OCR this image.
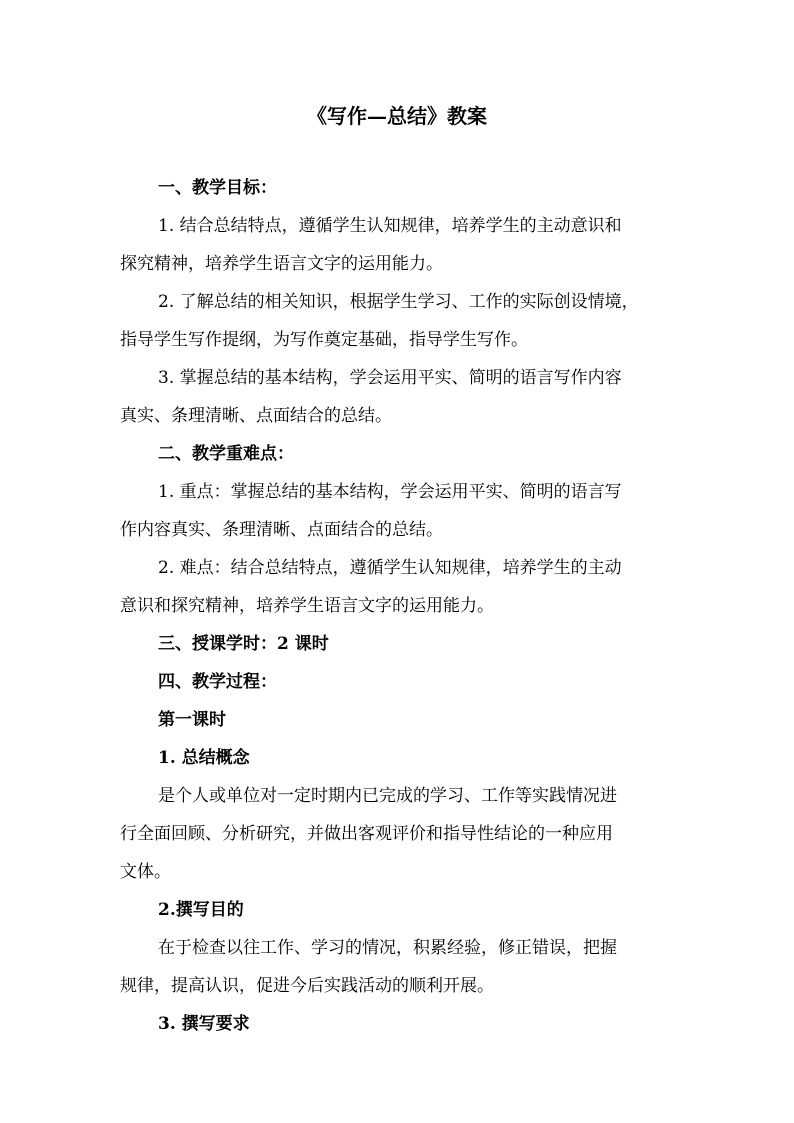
《写作—总结》教案
一、教学目标：
1. 结合总结特点，遵循学生认知规律，培养学生的主动意识和
探究精神，培养学生语言文字的运用能力。
2. 了解总结的相关知识，根据学生学习、工作的实际创设情境，
指导学生写作提纲，为写作奠定基础，指导学生写作。
3. 掌握总结的基本结构，学会运用平实、简明的语言写作内容
真实、条理清晰、点面结合的总结。
二、教学重难点：
1. 重点：掌握总结的基本结构，学会运用平实、简明的语言写
作内容真实、条理清晰、点面结合的总结。
2. 难点：结合总结特点，遵循学生认知规律，培养学生的主动
意识和探究精神，培养学生语言文字的运用能力。
三、授课学时：2 课时
四、教学过程：
第一课时
1. 总结概念
是个人或单位对一定时期内已完成的学习、工作等实践情况进
行全面回顾、分析研究，并做出客观评价和指导性结论的一种应用
文体。
2.撰写目的
在于检查以往工作、学习的情况，积累经验，修正错误，把握
规律，提高认识，促进今后实践活动的顺利开展。
3. 撰写要求
